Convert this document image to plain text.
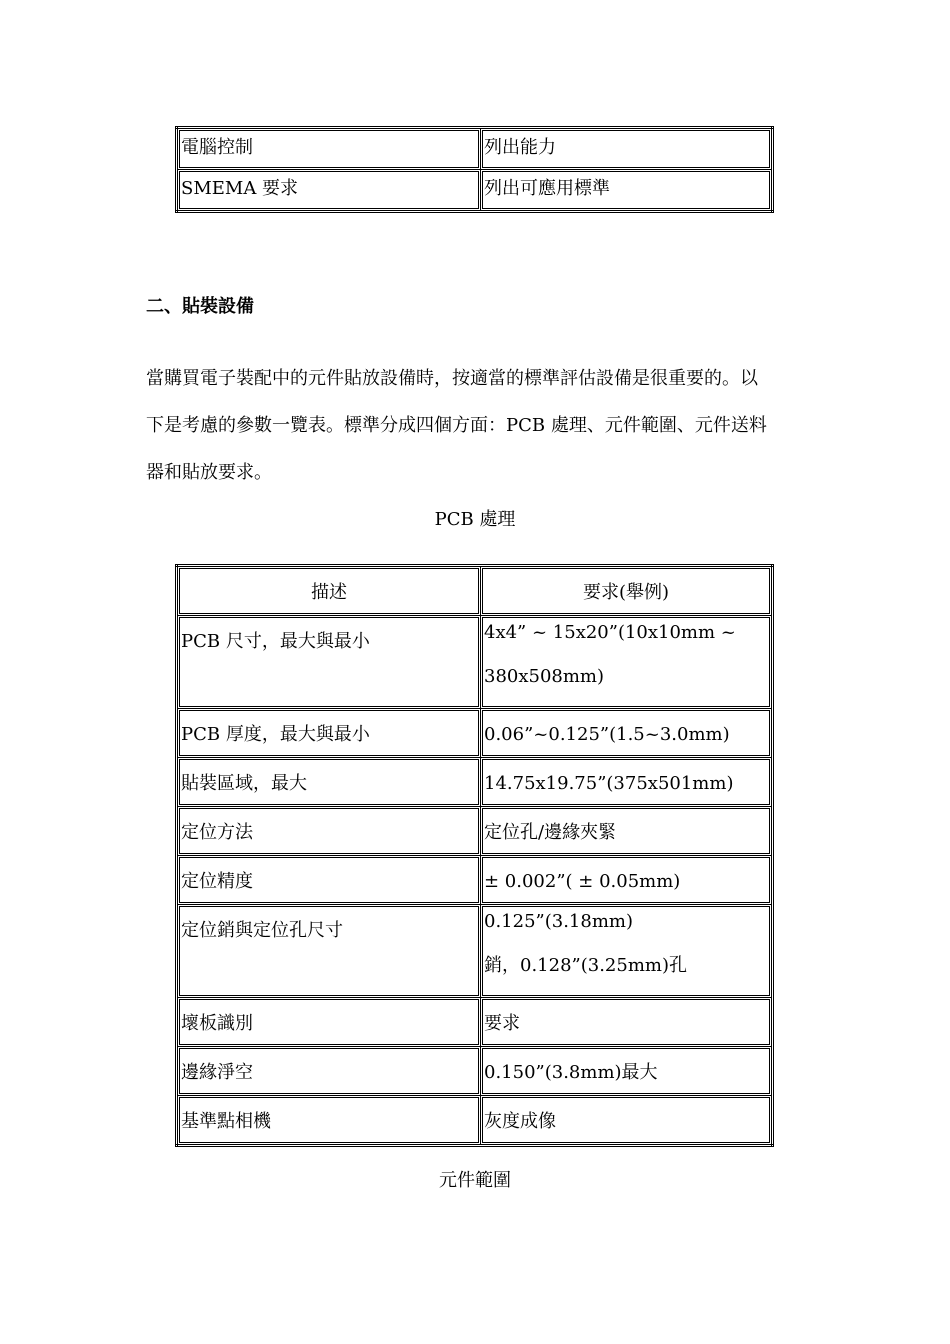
電腦控制	列出能力
SMEMA 要求	列出可應用標準
二、貼裝設備
當購買電子裝配中的元件貼放設備時，按適當的標準評估設備是很重要的。以
下是考慮的參數一覽表。標準分成四個方面：PCB 處理、元件範圍、元件送料
器和貼放要求。
PCB 處理
描述	要求(舉例)
PCB 尺寸，最大與最小	4x4” ~ 15x20”(10x10mm ~
380x508mm)

PCB 厚度，最大與最小	0.06”~0.125”(1.5~3.0mm)
貼裝區域，最大	14.75x19.75”(375x501mm)
定位方法	定位孔/邊緣夾緊
定位精度	± 0.002”( ± 0.05mm)
定位銷與定位孔尺寸	0.125”(3.18mm)
銷，0.128”(3.25mm)孔

壞板識別	要求
邊緣淨空	0.150”(3.8mm)最大
基準點相機	灰度成像
元件範圍
